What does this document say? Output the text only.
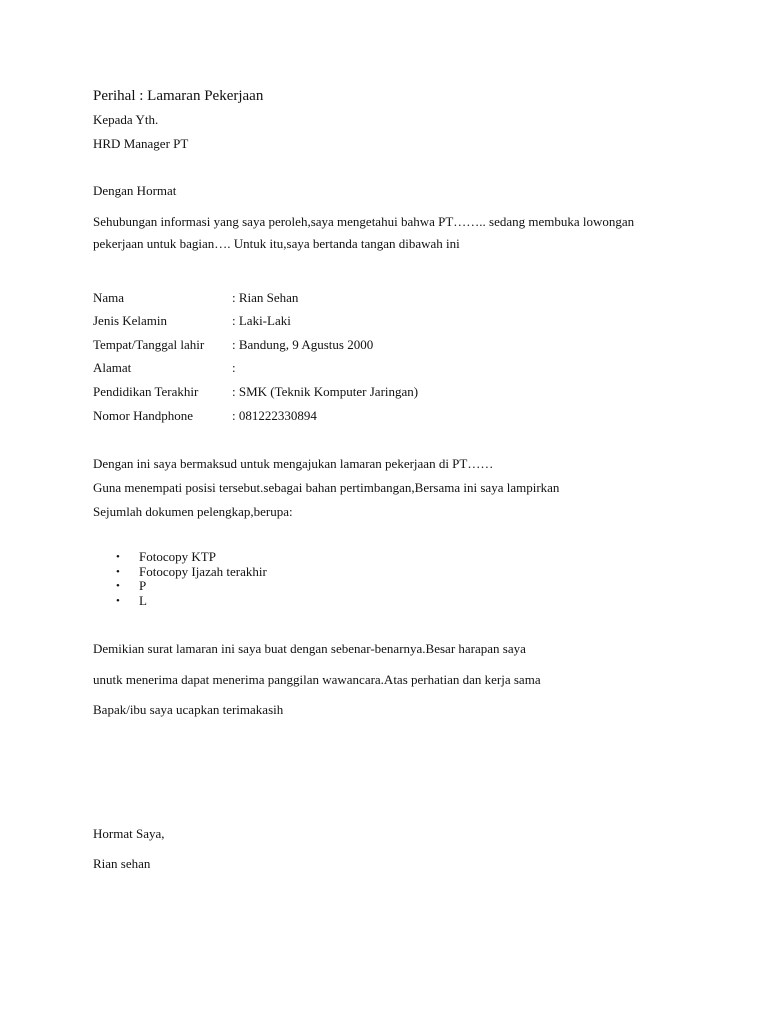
Perihal : Lamaran Pekerjaan
Kepada Yth.
HRD Manager PT
Dengan Hormat
Sehubungan informasi yang saya peroleh,saya mengetahui bahwa PT…….. sedang membuka lowongan
pekerjaan untuk bagian…. Untuk itu,saya bertanda tangan dibawah ini
Nama	: Rian Sehan
Jenis Kelamin	: Laki-Laki
Tempat/Tanggal lahir : Bandung, 9 Agustus 2000
Alamat	:
Pendidikan Terakhir	: SMK (Teknik Komputer Jaringan)
Nomor Handphone	: 081222330894
Dengan ini saya bermaksud untuk mengajukan lamaran pekerjaan di PT……
Guna menempati posisi tersebut.sebagai bahan pertimbangan,Bersama ini saya lampirkan
Sejumlah dokumen pelengkap,berupa:
• Fotocopy KTP
• Fotocopy Ijazah terakhir
• P
• L
Demikian surat lamaran ini saya buat dengan sebenar-benarnya.Besar harapan saya
unutk menerima dapat menerima panggilan wawancara.Atas perhatian dan kerja sama
Bapak/ibu saya ucapkan terimakasih
Hormat Saya,
Rian sehan
